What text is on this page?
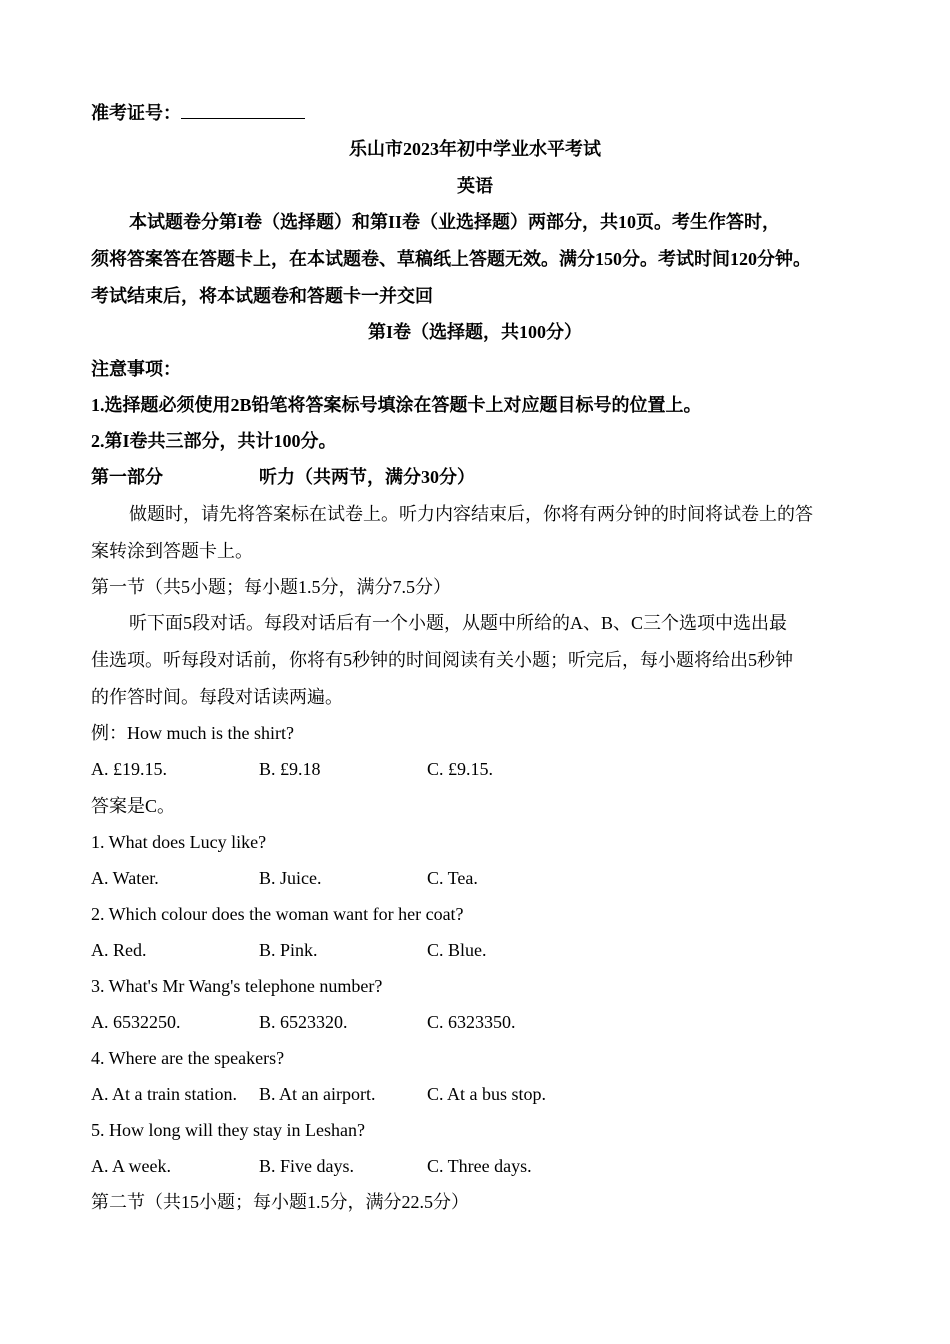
准考证号：
乐山市2023年初中学业水平考试
英语
本试题卷分第I卷（选择题）和第II卷（业选择题）两部分，共10页。考生作答时，
须将答案答在答题卡上，在本试题卷、草稿纸上答题无效。满分150分。考试时间120分钟。
考试结束后，将本试题卷和答题卡一并交回
第I卷（选择题，共100分）
注意事项：
1.选择题必须使用2B铅笔将答案标号填涂在答题卡上对应题目标号的位置上。
2.第I卷共三部分，共计100分。
第一部分	听力（共两节，满分30分）
做题时，请先将答案标在试卷上。听力内容结束后，你将有两分钟的时间将试卷上的答
案转涂到答题卡上。
第一节（共5小题；每小题1.5分，满分7.5分）
听下面5段对话。每段对话后有一个小题，从题中所给的A、B、C三个选项中选出最
佳选项。听每段对话前，你将有5秒钟的时间阅读有关小题；听完后，每小题将给出5秒钟
的作答时间。每段对话读两遍。
例：How much is the shirt?
A. £19.15.	B. £9.18	C. £9.15.
答案是C。
1. What does Lucy like?
A. Water.	B. Juice.	C. Tea.
2. Which colour does the woman want for her coat?
A. Red.	B. Pink.	C. Blue.
3. What's Mr Wang's telephone number?
A. 6532250.	B. 6523320.	C. 6323350.
4. Where are the speakers?
A. At a train station. B. At an airport.	C. At a bus stop.
5. How long will they stay in Leshan?
A. A week.	B. Five days.	C. Three days.
第二节（共15小题；每小题1.5分，满分22.5分）
